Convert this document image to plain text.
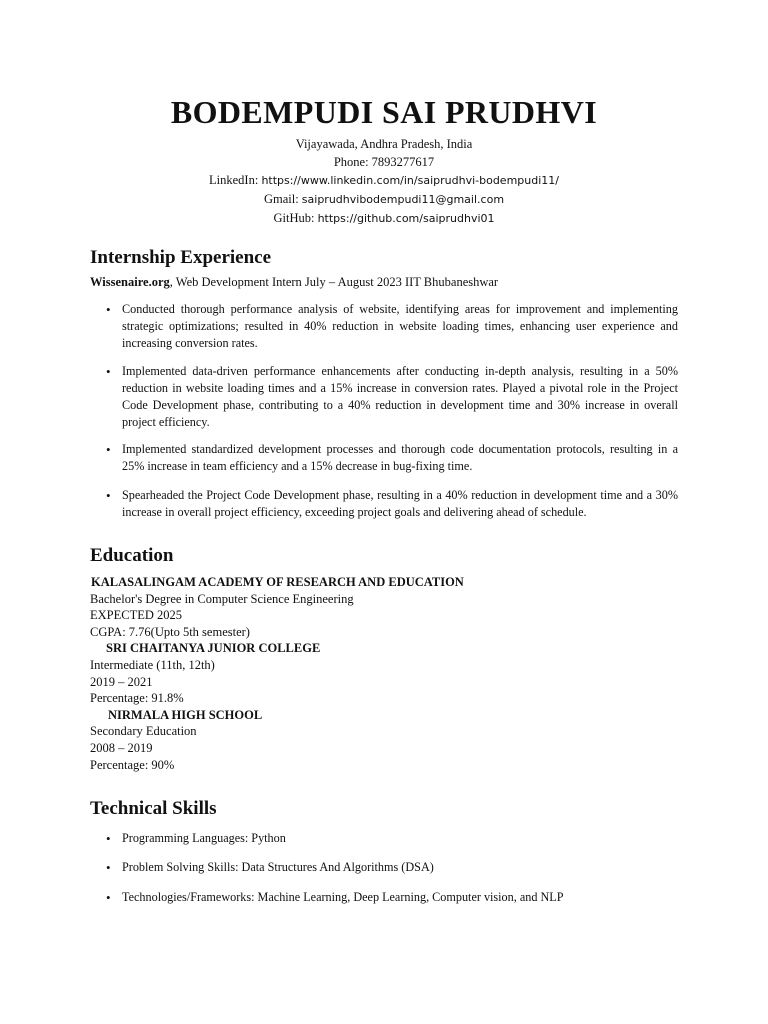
BODEMPUDI SAI PRUDHVI
Vijayawada, Andhra Pradesh, India
Phone: 7893277617
LinkedIn: https://www.linkedin.com/in/saiprudhvi-bodempudi11/
Gmail: saiprudhvibodempudi11@gmail.com
GitHub: https://github.com/saiprudhvi01
Internship Experience
Wissenaire.org, Web Development Intern July – August 2023 IIT Bhubaneshwar
• Conducted thorough performance analysis of website, identifying areas for improvement and implementing strategic optimizations; resulted in 40% reduction in website loading times, enhancing user experience and increasing conversion rates.
• Implemented data-driven performance enhancements after conducting in-depth analysis, resulting in a 50% reduction in website loading times and a 15% increase in conversion rates. Played a pivotal role in the Project Code Development phase, contributing to a 40% reduction in development time and 30% increase in overall project efficiency.
• Implemented standardized development processes and thorough code documentation protocols, resulting in a 25% increase in team efficiency and a 15% decrease in bug-fixing time.
• Spearheaded the Project Code Development phase, resulting in a 40% reduction in development time and a 30% increase in overall project efficiency, exceeding project goals and delivering ahead of schedule.
Education
KALASALINGAM ACADEMY OF RESEARCH AND EDUCATION
Bachelor's Degree in Computer Science Engineering
EXPECTED 2025
CGPA: 7.76(Upto 5th semester)
SRI CHAITANYA JUNIOR COLLEGE
Intermediate (11th, 12th)
2019 – 2021
Percentage: 91.8%
NIRMALA HIGH SCHOOL
Secondary Education
2008 – 2019
Percentage: 90%
Technical Skills
• Programming Languages: Python
• Problem Solving Skills: Data Structures And Algorithms (DSA)
• Technologies/Frameworks: Machine Learning, Deep Learning, Computer vision, and NLP
